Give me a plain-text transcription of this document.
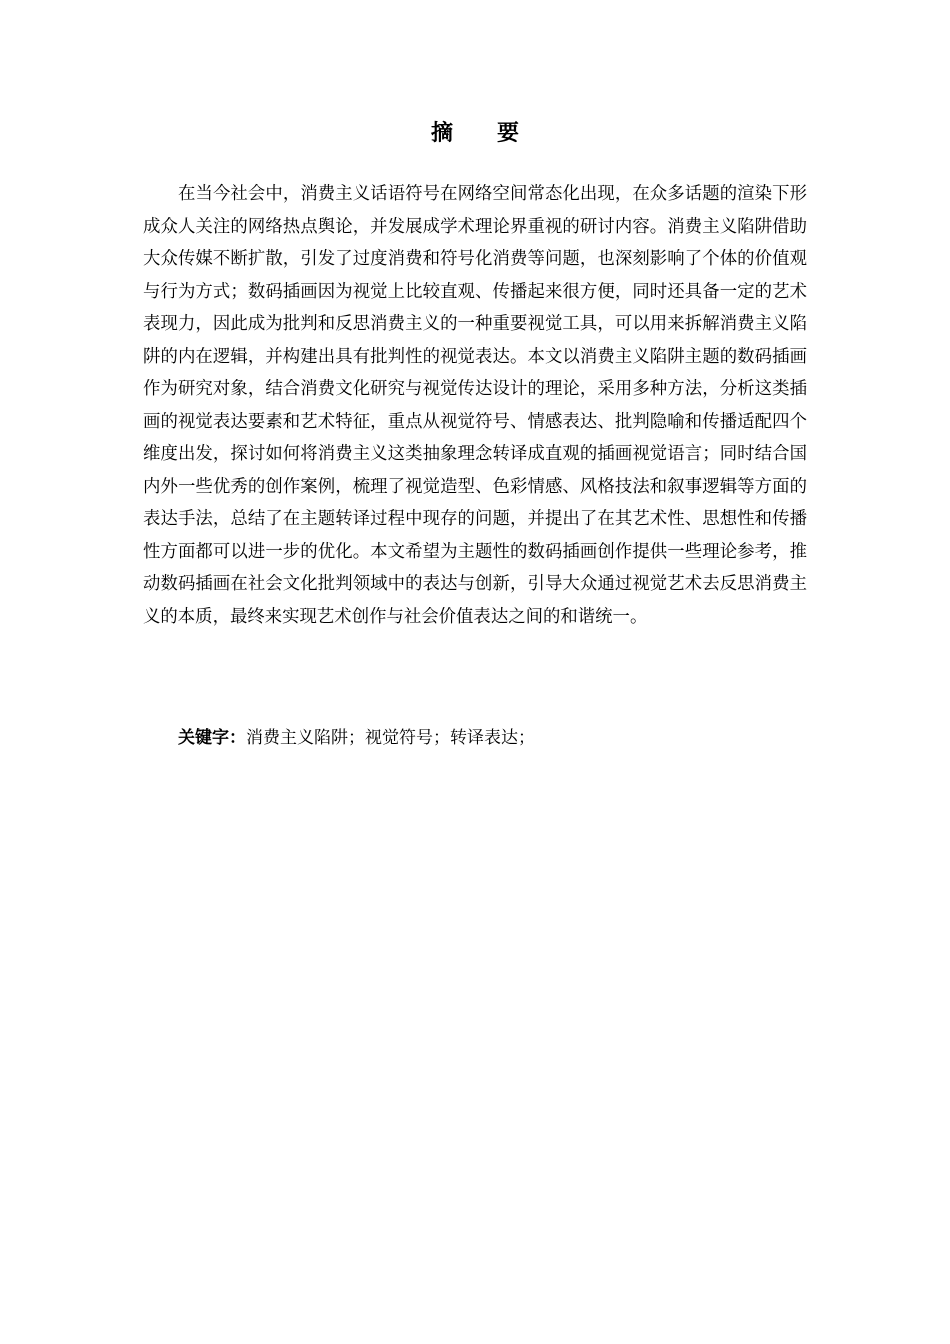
摘要

在当今社会中，消费主义话语符号在网络空间常态化出现，在众多话题的渲染下形成众人关注的网络热点舆论，并发展成学术理论界重视的研讨内容。消费主义陷阱借助大众传媒不断扩散，引发了过度消费和符号化消费等问题，也深刻影响了个体的价值观与行为方式；数码插画因为视觉上比较直观、传播起来很方便，同时还具备一定的艺术表现力，因此成为批判和反思消费主义的一种重要视觉工具，可以用来拆解消费主义陷阱的内在逻辑，并构建出具有批判性的视觉表达。本文以消费主义陷阱主题的数码插画作为研究对象，结合消费文化研究与视觉传达设计的理论，采用多种方法，分析这类插画的视觉表达要素和艺术特征，重点从视觉符号、情感表达、批判隐喻和传播适配四个维度出发，探讨如何将消费主义这类抽象理念转译成直观的插画视觉语言；同时结合国内外一些优秀的创作案例，梳理了视觉造型、色彩情感、风格技法和叙事逻辑等方面的表达手法，总结了在主题转译过程中现存的问题，并提出了在其艺术性、思想性和传播性方面都可以进一步的优化。本文希望为主题性的数码插画创作提供一些理论参考，推动数码插画在社会文化批判领域中的表达与创新，引导大众通过视觉艺术去反思消费主义的本质，最终来实现艺术创作与社会价值表达之间的和谐统一。

关键字：消费主义陷阱；视觉符号；转译表达；
